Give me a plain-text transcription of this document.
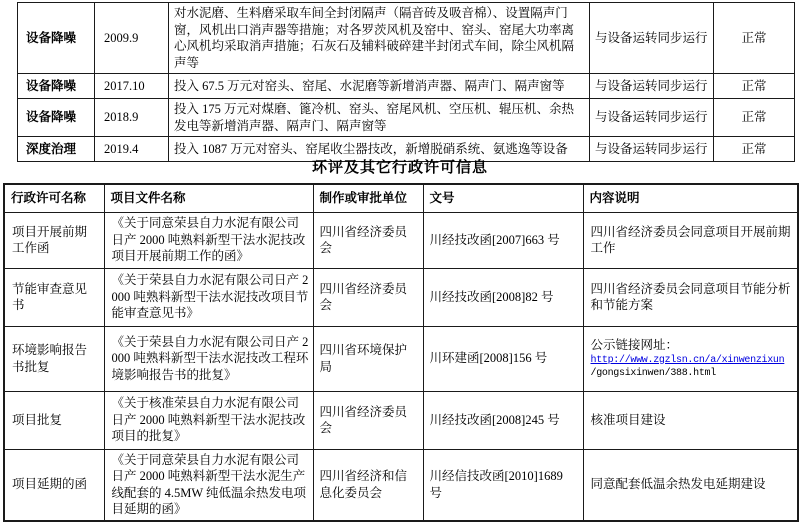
设备降噪	2009.9	对水泥磨、生料磨采取车间全封闭隔声（隔音砖及吸音棉）、设置隔声门窗，风机出口消声器等措施；对各罗茨风机及窑中、窑头、窑尾大功率离心风机均采取消声措施；石灰石及辅料破碎建半封闭式车间，除尘风机隔声等	与设备运转同步运行	正常
设备降噪	2017.10	投入 67.5 万元对窑头、窑尾、水泥磨等新增消声器、隔声门、隔声窗等	与设备运转同步运行	正常
设备降噪	2018.9	投入 175 万元对煤磨、篦冷机、窑头、窑尾风机、空压机、辊压机、余热发电等新增消声器、隔声门、隔声窗等	与设备运转同步运行	正常
深度治理	2019.4	投入 1087 万元对窑头、窑尾收尘器技改，新增脱硝系统、氨逃逸等设备	与设备运转同步运行	正常
环评及其它行政许可信息
行政许可名称	项目文件名称	制作或审批单位	文号	内容说明
项目开展前期工作函	《关于同意荣县自力水泥有限公司日产 2000 吨熟料新型干法水泥技改项目开展前期工作的函》	四川省经济委员会	川经技改函[2007]663 号	四川省经济委员会同意项目开展前期工作
节能审查意见书	《关于荣县自力水泥有限公司日产 2000 吨熟料新型干法水泥技改项目节能审查意见书》	四川省经济委员会	川经技改函[2008]82 号	四川省经济委员会同意项目节能分析和节能方案
环境影响报告书批复	《关于荣县自力水泥有限公司日产 2000 吨熟料新型干法水泥技改工程环境影响报告书的批复》	四川省环境保护局	川环建函[2008]156 号	公示链接网址：
http://www.zgzlsn.cn/a/xinwenzixun
/gongsixinwen/388.html

项目批复	《关于核准荣县自力水泥有限公司日产 2000 吨熟料新型干法水泥技改项目的批复》	四川省经济委员会	川经技改函[2008]245 号	核准项目建设
项目延期的函	《关于同意荣县自力水泥有限公司日产 2000 吨熟料新型干法水泥生产线配套的 4.5MW 纯低温余热发电项目延期的函》	四川省经济和信息化委员会	川经信技改函[2010]1689 号	同意配套低温余热发电延期建设
